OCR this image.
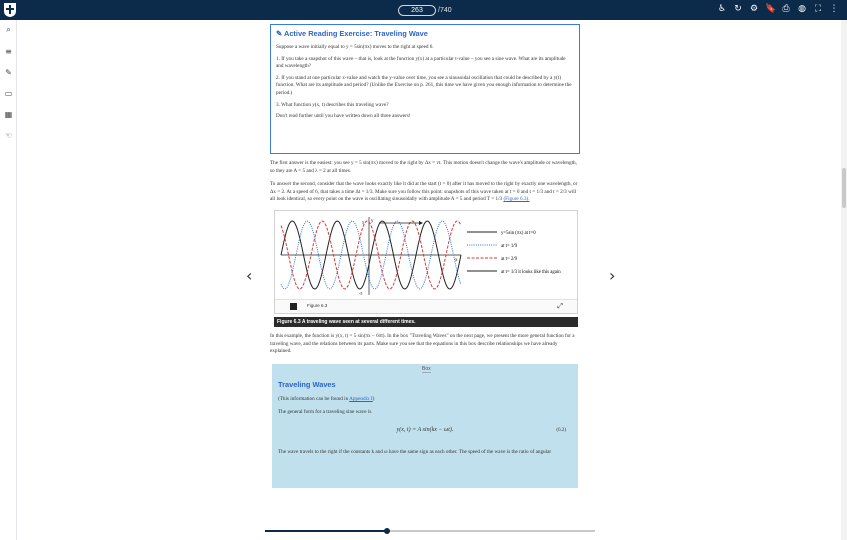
263	/740	♿ ↻ ⚙ 🔖 ⎙ ◍ ⛶ ⋮
⌕
≡
✎
▭
▦
☜
‹	›
✎ Active Reading Exercise: Traveling Wave

Suppose a wave initially equal to y = 5sin(πx) moves to the right at speed 6.

1. If you take a snapshot of this wave – that is, look at the function y(x) at a particular t-value – you see a sine wave. What are its amplitude and wavelength?

2. If you stand at one particular x-value and watch the y-value over time, you see a sinusoidal oscillation that could be described by a y(t) function. What are its amplitude and period? (Unlike the Exercise on p. 261, this time we have given you enough information to determine the period.)

3. What function y(x, t) describes this traveling wave?

Don't read further until you have written down all three answers!

The first answer is the easiest: you see y = 5 sin(πx) moved to the right by Δx = vt. This motion doesn't change the wave's amplitude or wavelength, so they are A = 5 and λ = 2 at all times.

To answer the second, consider that the wave looks exactly like it did at the start (t = 0) after it has moved to the right by exactly one wavelength, or Δx = 2. At a speed of 6, that takes a time Δt = 1/3. Make sure you follow this point: snapshots of this wave taken at t = 0 and t = 1/3 and t = 2/3 will all look identical, so every point on the wave is oscillating sinusoidally with amplitude A = 5 and period T = 1/3 (Figure 6.3).

y
5
-5
x
y=5sin (πx) at t=0
at t= 1/9
at t= 2/9
at t= 1/3 it looks like this again
Figure 6.3	⤢
Figure 6.3 A traveling wave seen at several different times.

In this example, the function is y(x, t) = 5 sin(πx − 6πt). In the box "Traveling Waves" on the next page, we present the more general function for a traveling wave, and the relations between its parts. Make sure you see that the equations in this box describe relationships we have already explained.

Box
Traveling Waves

(This information can be found in Appendix I)

The general form for a traveling sine wave is

y(x, t) = A sin(kx − ωt).	(6.2)

The wave travels to the right if the constants k and ω have the same sign as each other. The speed of the wave is the ratio of angular
